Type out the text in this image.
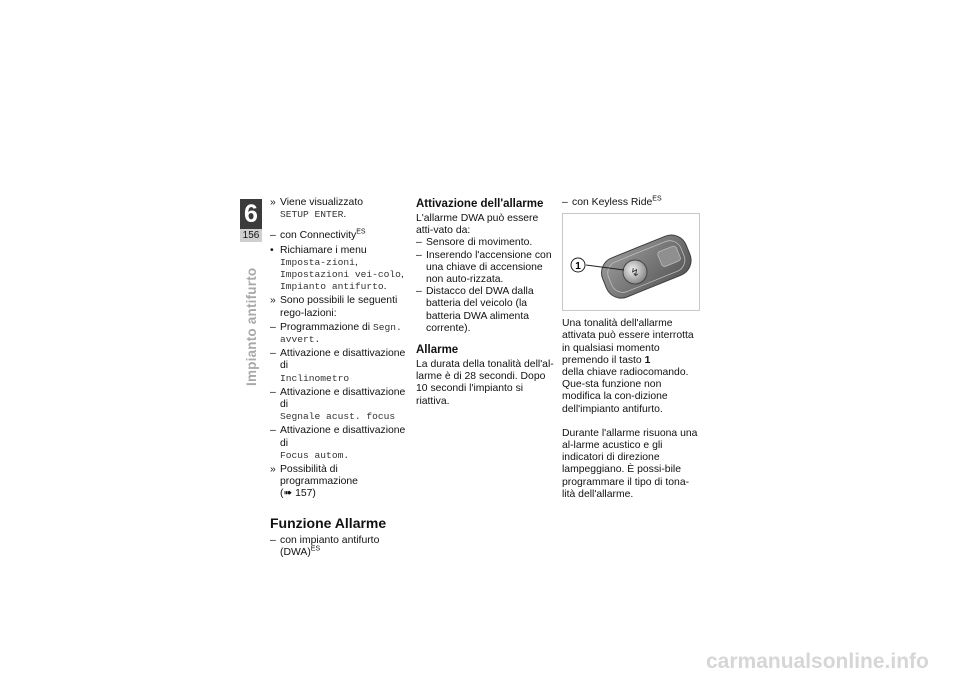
6
156
Impianto antifurto
» Viene visualizzato
SETUP ENTER.
– con Connectivity$^{ES}$
• Richiamare i menu Imposta-zioni, Impostazioni vei-colo, Impianto antifurto.
» Sono possibili le seguenti rego-lazioni:
– Programmazione di Segn. avvert.
– Attivazione e disattivazione di
Inclinometro
– Attivazione e disattivazione di
Segnale acust. focus
– Attivazione e disattivazione di
Focus autom.
» Possibilità di programmazione
(➠ 157)
Funzione Allarme
– con impianto antifurto (DWA)$^{ES}$
Attivazione dell'allarme

L'allarme DWA può essere atti-vato da:

– Sensore di movimento.
– Inserendo l'accensione con una chiave di accensione non auto-rizzata.
– Distacco del DWA dalla batteria del veicolo (la batteria DWA alimenta corrente).
Allarme

La durata della tonalità dell'al-larme è di 28 secondi. Dopo 10 secondi l'impianto si riattiva.

– con Keyless Ride$^{ES}$
↯
1

Una tonalità dell'allarme attivata può essere interrotta in qualsiasi momento premendo il tasto 1
della chiave radiocomando. Que-sta funzione non modifica la con-dizione dell'impianto antifurto.

Durante l'allarme risuona una al-larme acustico e gli indicatori di direzione lampeggiano. È possi-bile programmare il tipo di tona-lità dell'allarme.

carmanualsonline.info
